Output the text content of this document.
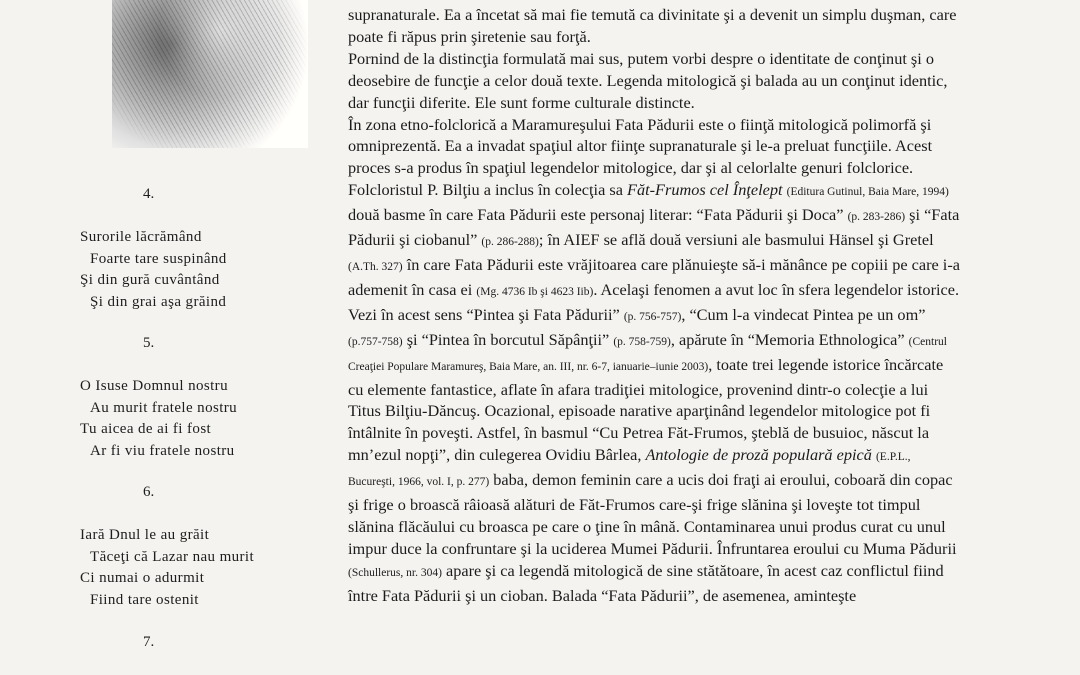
4.
Surorile lăcrămând
Foarte tare suspinând
Şi din gură cuvântând
Şi din grai aşa grăind
5.
O Isuse Domnul nostru
Au murit fratele nostru
Tu aicea de ai fi fost
Ar fi viu fratele nostru
6.
Iară Dnul le au grăit
Tăceţi că Lazar nau murit
Ci numai o adurmit
Fiind tare ostenit
7.

supranaturale. Ea a încetat să mai fie temută ca divinitate şi a devenit un simplu duşman, care poate fi răpus prin şiretenie sau forţă.

Pornind de la distincţia formulată mai sus, putem vorbi despre o identitate de conţinut şi o deosebire de funcţie a celor două texte. Legenda mitologică şi balada au un conţinut identic, dar funcţii diferite. Ele sunt forme culturale distincte.

În zona etno-folclorică a Maramureşului Fata Pădurii este o fiinţă mitologică polimorfă şi omniprezentă. Ea a invadat spaţiul altor fiinţe supranaturale şi le-a preluat funcţiile. Acest proces s-a produs în spaţiul legendelor mitologice, dar şi al celorlalte genuri folclorice. Folcloristul P. Bilţiu a inclus în colecţia sa Făt-Frumos cel Înţelept (Editura Gutinul, Baia Mare, 1994) două basme în care Fata Pădurii este personaj literar: “Fata Pădurii şi Doca” (p. 283-286) şi “Fata Pădurii şi ciobanul” (p. 286-288); în AIEF se află două versiuni ale basmului Hänsel şi Gretel (A.Th. 327) în care Fata Pădurii este vrăjitoarea care plănuieşte să-i mănânce pe copiii pe care i-a ademenit în casa ei (Mg. 4736 Ib şi 4623 Iib). Acelaşi fenomen a avut loc în sfera legendelor istorice. Vezi în acest sens “Pintea şi Fata Pădurii” (p. 756-757), “Cum l-a vindecat Pintea pe un om” (p.757-758) şi “Pintea în borcutul Săpânţii” (p. 758-759), apărute în “Memoria Ethnologica” (Centrul Creaţiei Populare Maramureş, Baia Mare, an. III, nr. 6-7, ianuarie–iunie 2003), toate trei legende istorice încărcate cu elemente fantastice, aflate în afara tradiţiei mitologice, provenind dintr-o colecţie a lui Titus Bilţiu-Dăncuş. Ocazional, episoade narative aparţinând legendelor mitologice pot fi întâlnite în poveşti. Astfel, în basmul “Cu Petrea Făt-Frumos, şteblă de busuioc, născut la mn’ezul nopţi”, din culegerea Ovidiu Bârlea, Antologie de proză populară epică (E.P.L., Bucureşti, 1966, vol. I, p. 277) baba, demon feminin care a ucis doi fraţi ai eroului, coboară din copac şi frige o broască râioasă alături de Făt-Frumos care-şi frige slănina şi loveşte tot timpul slănina flăcăului cu broasca pe care o ţine în mână. Contaminarea unui produs curat cu unul impur duce la confruntare şi la uciderea Mumei Pădurii. Înfruntarea eroului cu Muma Pădurii (Schullerus, nr. 304) apare şi ca legendă mitologică de sine stătătoare, în acest caz conflictul fiind între Fata Pădurii şi un cioban. Balada “Fata Pădurii”, de asemenea, aminteşte
